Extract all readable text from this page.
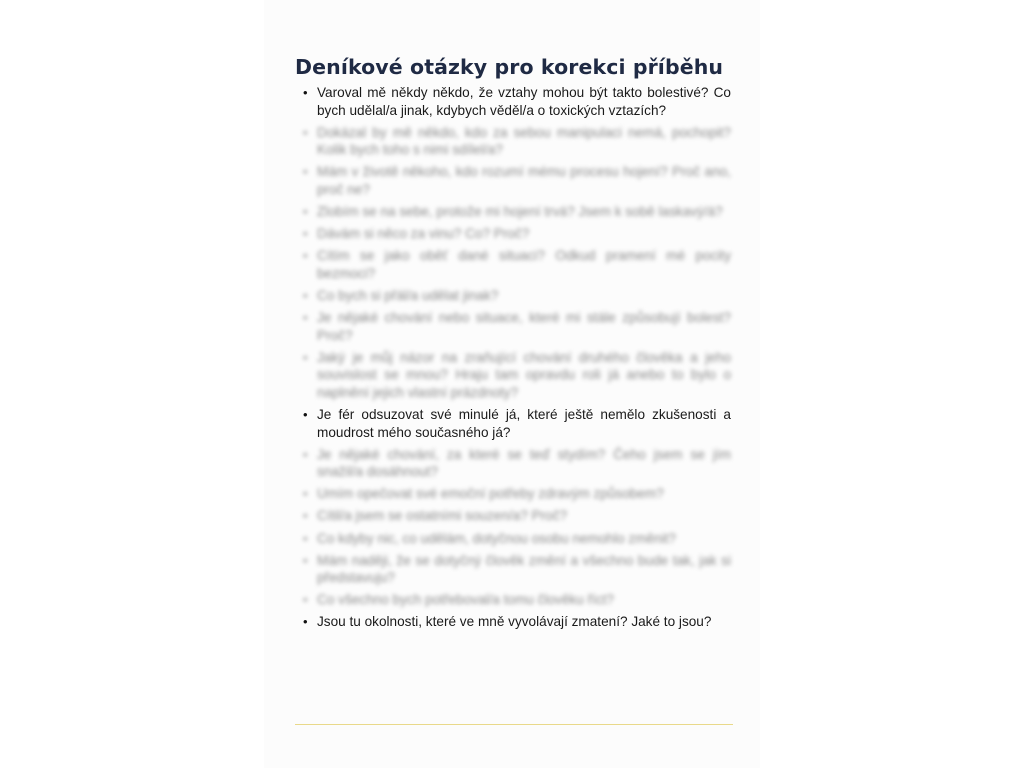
Deníkové otázky pro korekci příběhu
• Varoval mě někdy někdo, že vztahy mohou být takto bolestivé? Co bych udělal/a jinak, kdybych věděl/a o toxických vztazích?
• Dokázal by mě někdo, kdo za sebou manipulaci nemá, pochopit? Kolik bych toho s nimi sdílel/a?
• Mám v životě někoho, kdo rozumí mému procesu hojení? Proč ano, proč ne?
• Zlobím se na sebe, protože mi hojení trvá? Jsem k sobě laskavý/á?
• Dávám si něco za vinu? Co? Proč?
• Cítím se jako oběť dané situaci? Odkud pramení mé pocity bezmoci?
• Co bych si přál/a udělat jinak?
• Je nějaké chování nebo situace, které mi stále způsobují bolest? Proč?
• Jaký je můj názor na zraňující chování druhého člověka a jeho souvislost se mnou? Hraju tam opravdu roli já anebo to bylo o naplnění jejich vlastní prázdnoty?
• Je fér odsuzovat své minulé já, které ještě nemělo zkušenosti a moudrost mého současného já?
• Je nějaké chování, za které se teď stydím? Čeho jsem se jím snažil/a dosáhnout?
• Umím opečovat své emoční potřeby zdravým způsobem?
• Cítil/a jsem se ostatními souzen/a? Proč?
• Co kdyby nic, co udělám, dotyčnou osobu nemohlo změnit?
• Mám naději, že se dotyčný člověk změní a všechno bude tak, jak si představuju?
• Co všechno bych potřeboval/a tomu člověku říct?
• Jsou tu okolnosti, které ve mně vyvolávají zmatení? Jaké to jsou?
